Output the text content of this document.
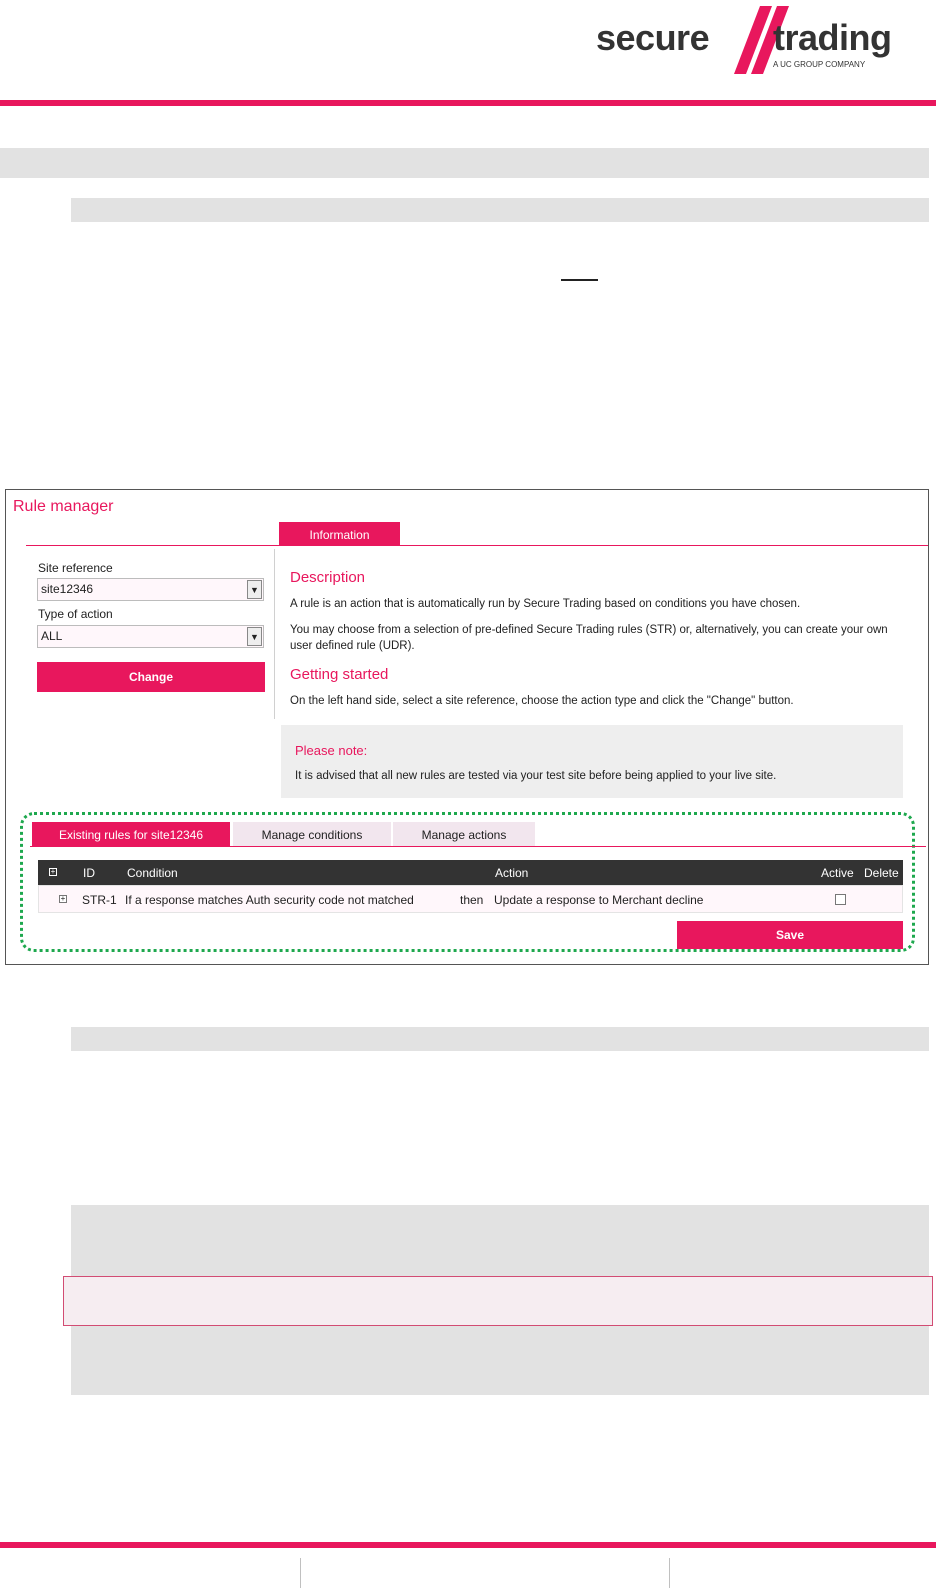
secure trading
A UC GROUP COMPANY
Rule manager
Information
Site reference
site12346	▼
Type of action
ALL	▼
Change
Description
A rule is an action that is automatically run by Secure Trading based on conditions you have chosen.
You may choose from a selection of pre-defined Secure Trading rules (STR) or, alternatively, you can create your own user defined rule (UDR).
Getting started
On the left hand side, select a site reference, choose the action type and click the "Change" button.
Please note:
It is advised that all new rules are tested via your test site before being applied to your live site.
Existing rules for site12346	Manage conditions	Manage actions
+ ID	Condition	Action	Active Delete
+ STR-1 If a response matches Auth security code not matched	then Update a response to Merchant decline
Save
